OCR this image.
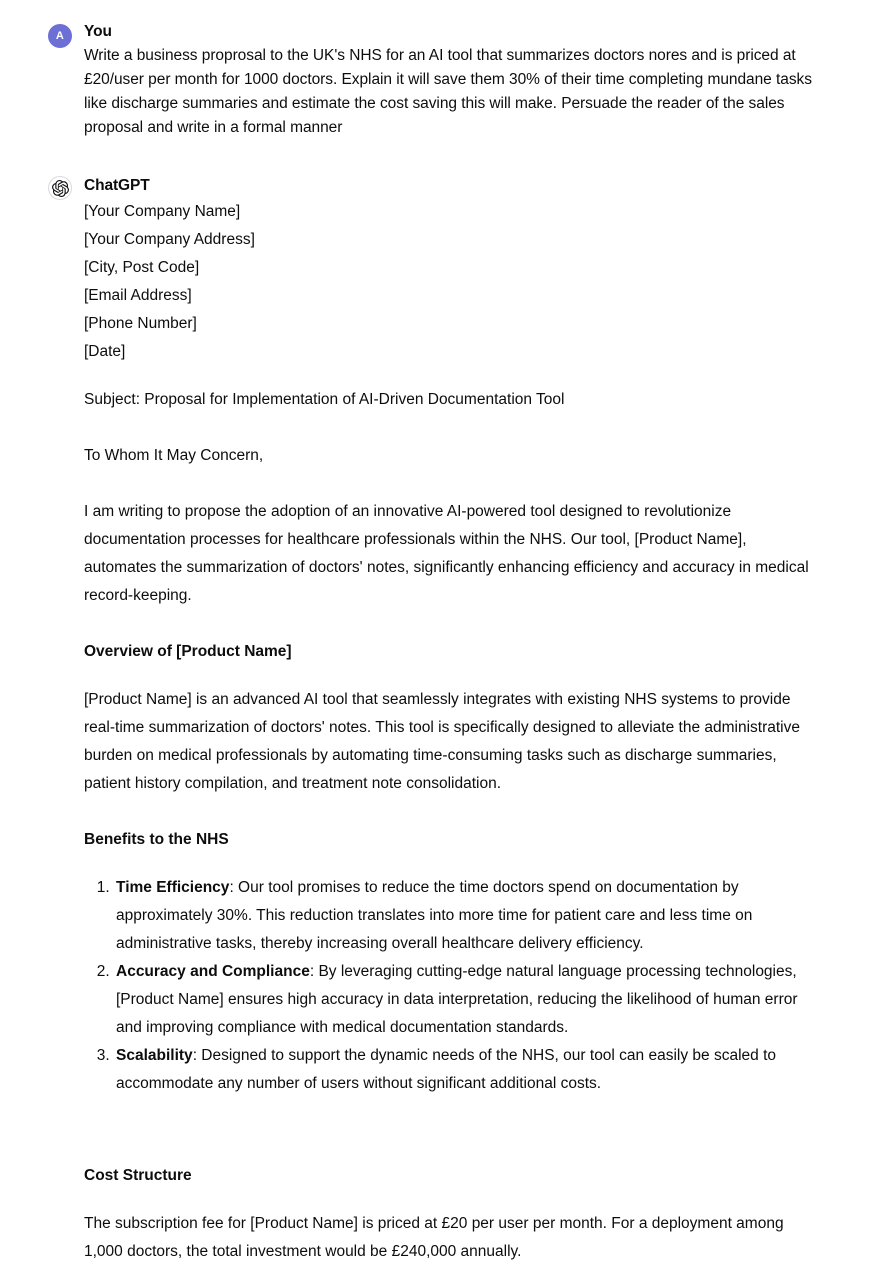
A You
Write a business proprosal to the UK's NHS for an AI tool that summarizes doctors nores and is priced at £20/user per month for 1000 doctors. Explain it will save them 30% of their time completing mundane tasks like discharge summaries and estimate the cost saving this will make. Persuade the reader of the sales proposal and write in a formal manner
ChatGPT
[Your Company Name]
[Your Company Address]
[City, Post Code]
[Email Address]
[Phone Number]
[Date]

Subject: Proposal for Implementation of AI-Driven Documentation Tool

To Whom It May Concern,

I am writing to propose the adoption of an innovative AI-powered tool designed to revolutionize documentation processes for healthcare professionals within the NHS. Our tool, [Product Name], automates the summarization of doctors' notes, significantly enhancing efficiency and accuracy in medical record-keeping.

Overview of [Product Name]

[Product Name] is an advanced AI tool that seamlessly integrates with existing NHS systems to provide real-time summarization of doctors' notes. This tool is specifically designed to alleviate the administrative burden on medical professionals by automating time-consuming tasks such as discharge summaries, patient history compilation, and treatment note consolidation.

Benefits to the NHS

1. Time Efficiency: Our tool promises to reduce the time doctors spend on documentation by approximately 30%. This reduction translates into more time for patient care and less time on administrative tasks, thereby increasing overall healthcare delivery efficiency.
2. Accuracy and Compliance: By leveraging cutting-edge natural language processing technologies, [Product Name] ensures high accuracy in data interpretation, reducing the likelihood of human error and improving compliance with medical documentation standards.
3. Scalability: Designed to support the dynamic needs of the NHS, our tool can easily be scaled to accommodate any number of users without significant additional costs.

Cost Structure

The subscription fee for [Product Name] is priced at £20 per user per month. For a deployment among 1,000 doctors, the total investment would be £240,000 annually.
